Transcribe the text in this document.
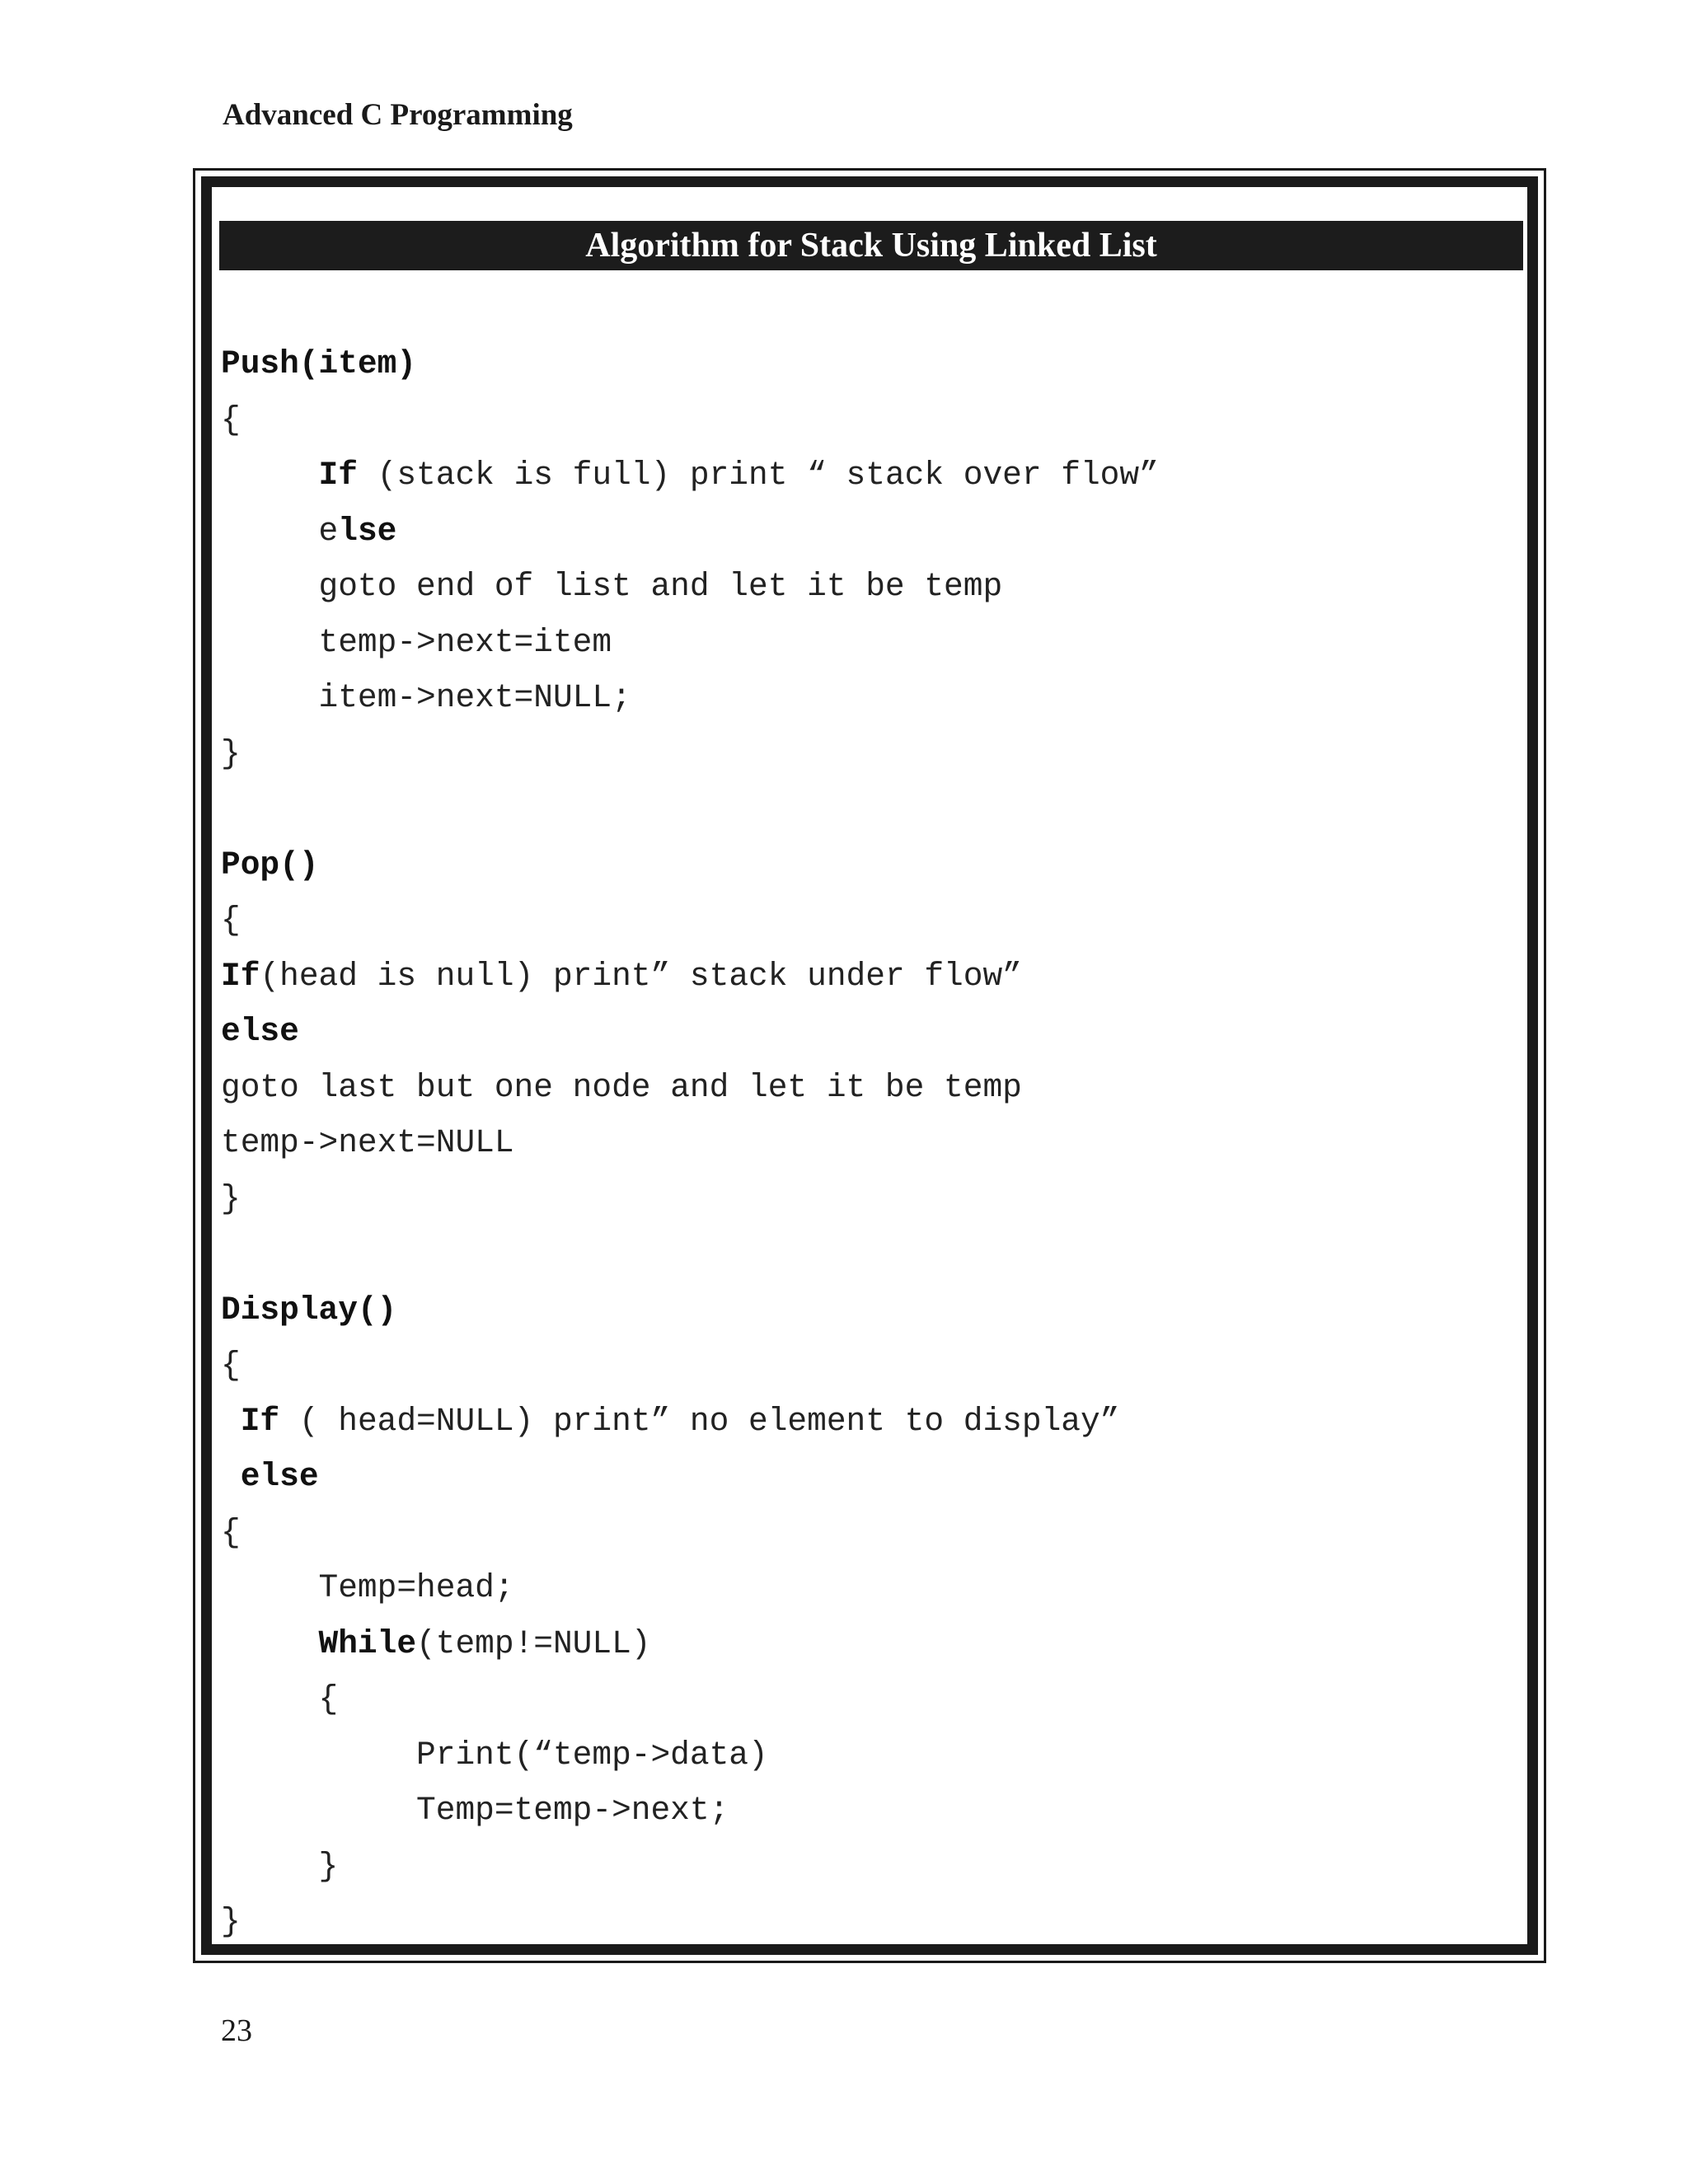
Advanced C Programming
Algorithm for Stack Using Linked List
Push(item)
{
If (stack is full) print “ stack over flow”
else
goto end of list and let it be temp
temp->next=item
item->next=NULL;
}
Pop()
{
If(head is null) print” stack under flow”
else
goto last but one node and let it be temp
temp->next=NULL
}
Display()
{
If ( head=NULL) print” no element to display”
else
{
Temp=head;
While(temp!=NULL)
{
Print(“temp->data)
Temp=temp->next;
}
}
23
